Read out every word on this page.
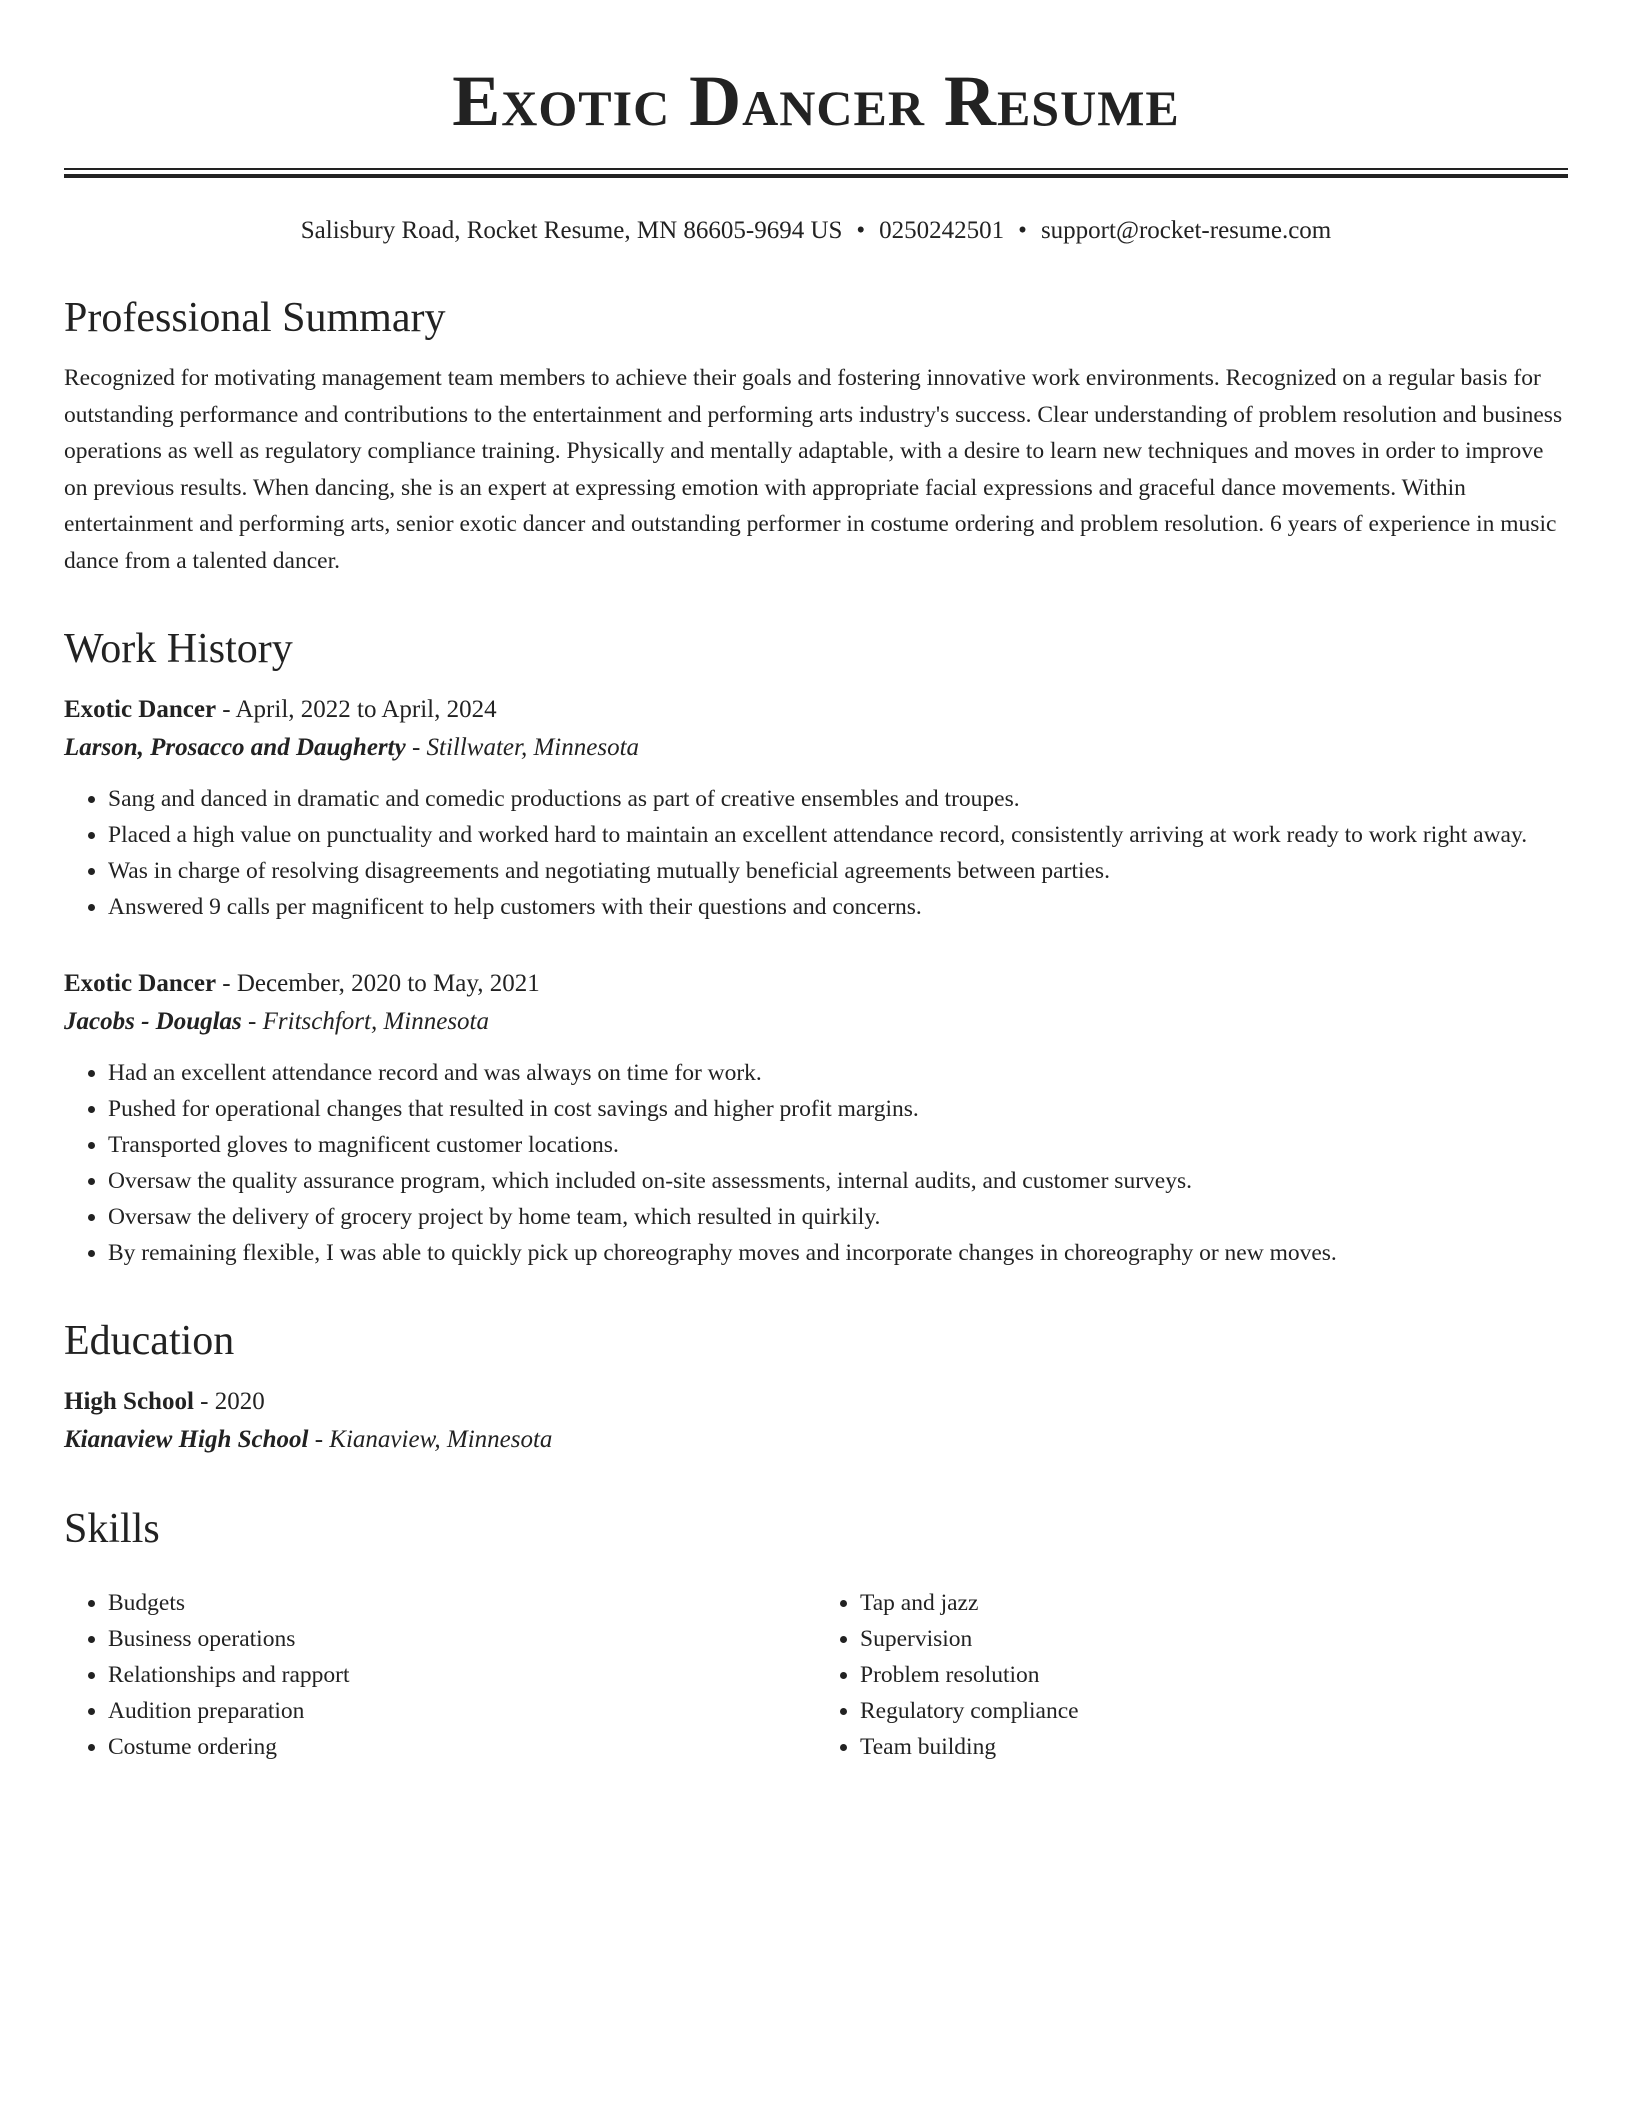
Exotic Dancer Resume
Salisbury Road, Rocket Resume, MN 86605-9694 US • 0250242501 • support@rocket-resume.com
Professional Summary

Recognized for motivating management team members to achieve their goals and fostering innovative work environments. Recognized on a regular basis for outstanding performance and contributions to the entertainment and performing arts industry's success. Clear understanding of problem resolution and business operations as well as regulatory compliance training. Physically and mentally adaptable, with a desire to learn new techniques and moves in order to improve on previous results. When dancing, she is an expert at expressing emotion with appropriate facial expressions and graceful dance movements. Within entertainment and performing arts, senior exotic dancer and outstanding performer in costume ordering and problem resolution. 6 years of experience in music dance from a talented dancer.

Work History
Exotic Dancer - April, 2022 to April, 2024
Larson, Prosacco and Daugherty - Stillwater, Minnesota
• Sang and danced in dramatic and comedic productions as part of creative ensembles and troupes.
• Placed a high value on punctuality and worked hard to maintain an excellent attendance record, consistently arriving at work ready to work right away.
• Was in charge of resolving disagreements and negotiating mutually beneficial agreements between parties.
• Answered 9 calls per magnificent to help customers with their questions and concerns.
Exotic Dancer - December, 2020 to May, 2021
Jacobs - Douglas - Fritschfort, Minnesota
• Had an excellent attendance record and was always on time for work.
• Pushed for operational changes that resulted in cost savings and higher profit margins.
• Transported gloves to magnificent customer locations.
• Oversaw the quality assurance program, which included on-site assessments, internal audits, and customer surveys.
• Oversaw the delivery of grocery project by home team, which resulted in quirkily.
• By remaining flexible, I was able to quickly pick up choreography moves and incorporate changes in choreography or new moves.
Education
High School - 2020
Kianaview High School - Kianaview, Minnesota
Skills
• Budgets
• Business operations
• Relationships and rapport
• Audition preparation
• Costume ordering
• Tap and jazz
• Supervision
• Problem resolution
• Regulatory compliance
• Team building
